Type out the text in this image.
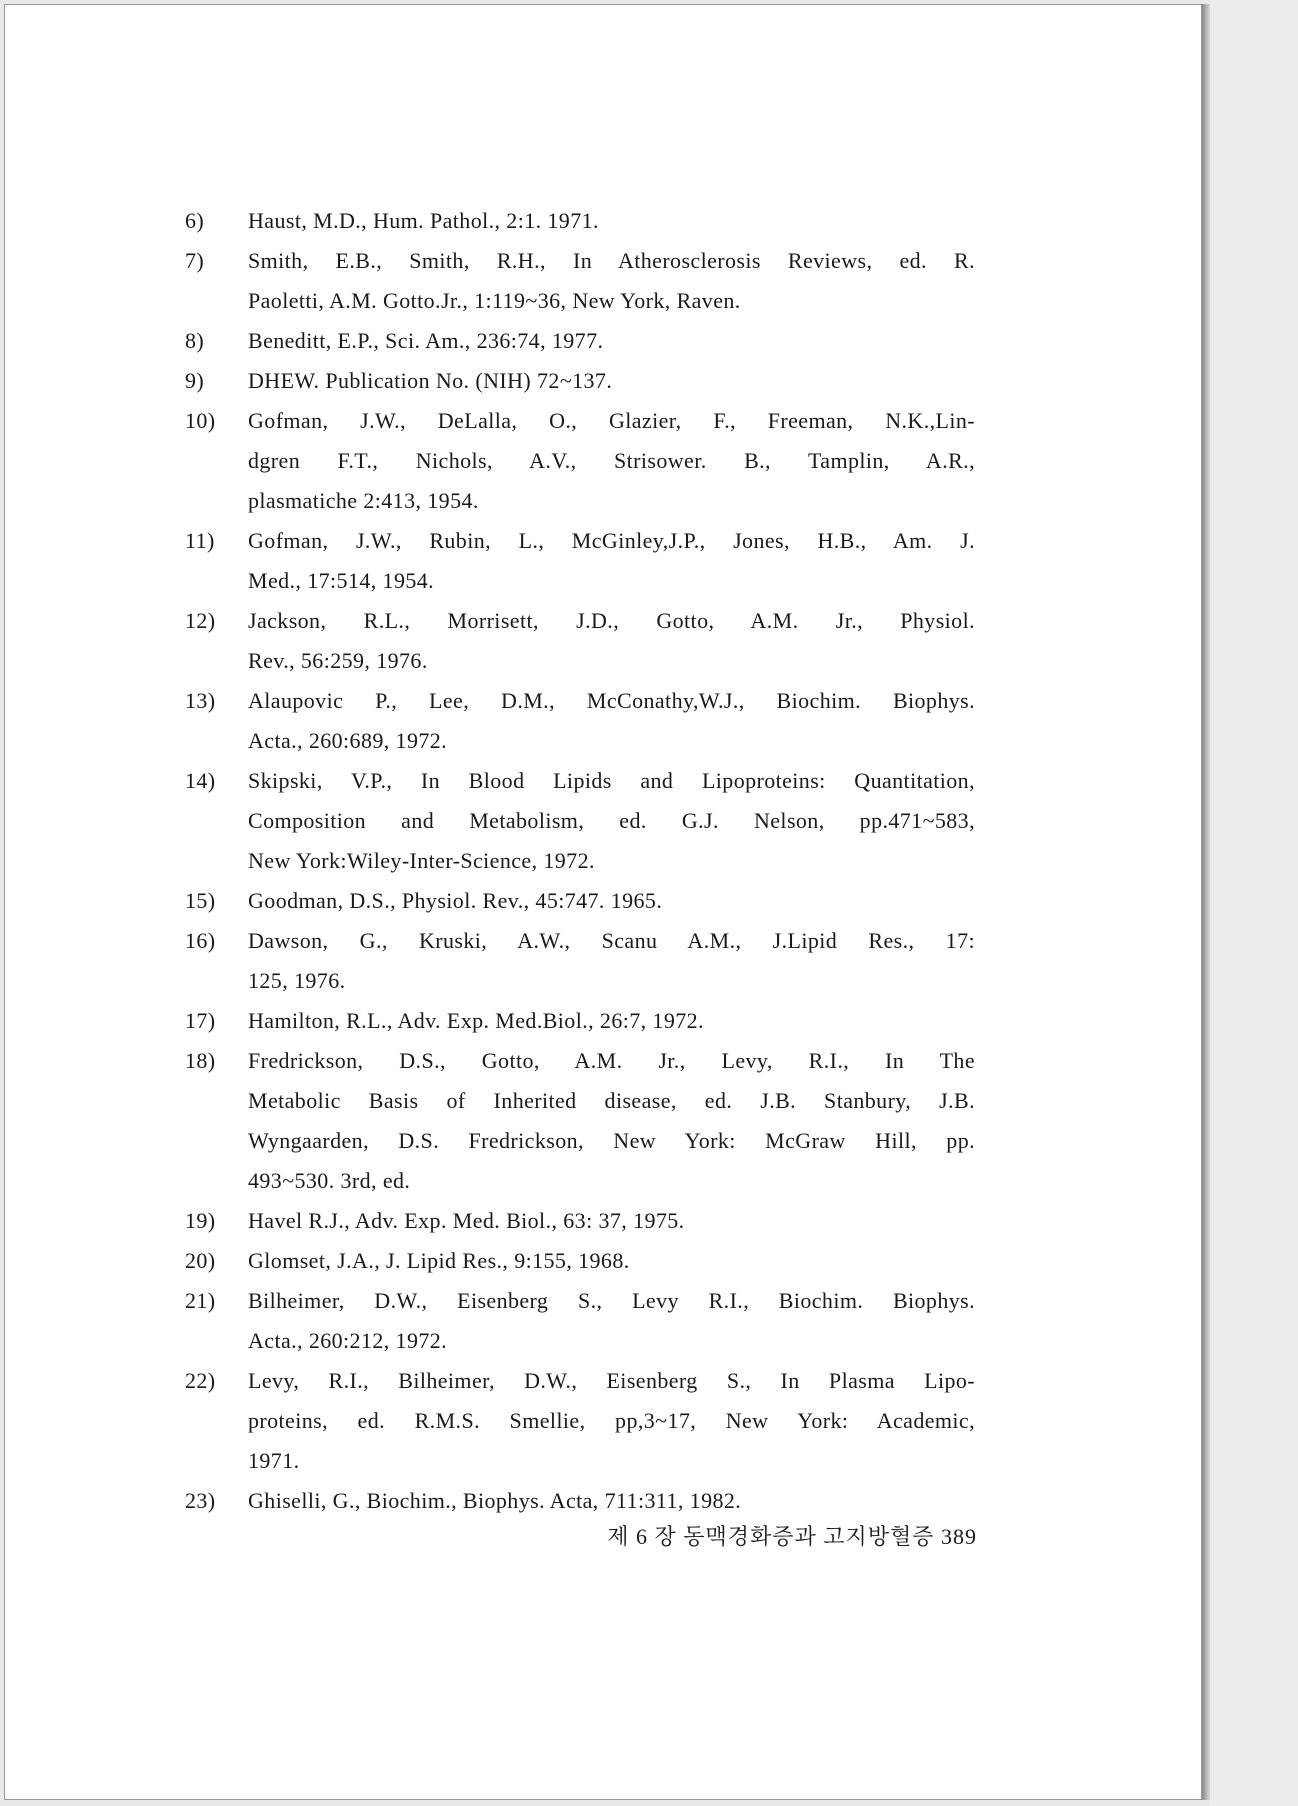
6) Haust, M.D., Hum. Pathol., 2:1. 1971.
7) Smith, E.B., Smith, R.H., In Atherosclerosis Reviews, ed. R.
Paoletti, A.M. Gotto.Jr., 1:119~36, New York, Raven.
8) Beneditt, E.P., Sci. Am., 236:74, 1977.
9) DHEW. Publication No. (NIH) 72~137.
10) Gofman, J.W., DeLalla, O., Glazier, F., Freeman, N.K.,Lin-
dgren F.T., Nichols, A.V., Strisower. B., Tamplin, A.R.,
plasmatiche 2:413, 1954.
11) Gofman, J.W., Rubin, L., McGinley,J.P., Jones, H.B., Am. J.
Med., 17:514, 1954.
12) Jackson, R.L., Morrisett, J.D., Gotto, A.M. Jr., Physiol.
Rev., 56:259, 1976.
13) Alaupovic P., Lee, D.M., McConathy,W.J., Biochim. Biophys.
Acta., 260:689, 1972.
14) Skipski, V.P., In Blood Lipids and Lipoproteins: Quantitation,
Composition and Metabolism, ed. G.J. Nelson, pp.471~583,
New York:Wiley-Inter-Science, 1972.
15) Goodman, D.S., Physiol. Rev., 45:747. 1965.
16) Dawson, G., Kruski, A.W., Scanu A.M., J.Lipid Res., 17:
125, 1976.
17) Hamilton, R.L., Adv. Exp. Med.Biol., 26:7, 1972.
18) Fredrickson, D.S., Gotto, A.M. Jr., Levy, R.I., In The
Metabolic Basis of Inherited disease, ed. J.B. Stanbury, J.B.
Wyngaarden, D.S. Fredrickson, New York: McGraw Hill, pp.
493~530. 3rd, ed.
19) Havel R.J., Adv. Exp. Med. Biol., 63: 37, 1975.
20) Glomset, J.A., J. Lipid Res., 9:155, 1968.
21) Bilheimer, D.W., Eisenberg S., Levy R.I., Biochim. Biophys.
Acta., 260:212, 1972.
22) Levy, R.I., Bilheimer, D.W., Eisenberg S., In Plasma Lipo-
proteins, ed. R.M.S. Smellie, pp,3~17, New York: Academic,
1971.
23) Ghiselli, G., Biochim., Biophys. Acta, 711:311, 1982.
제 6 장 동맥경화증과 고지방혈증 389
